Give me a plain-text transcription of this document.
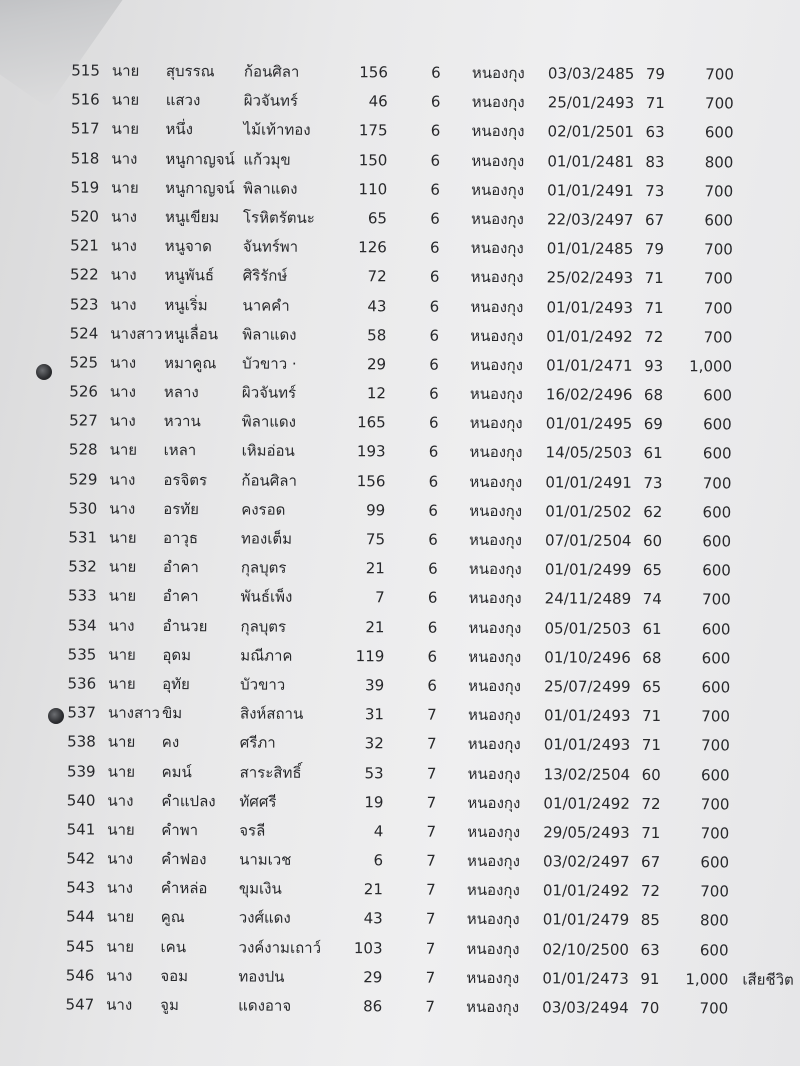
515 นาย สุบรรณ ก้อนศิลา	156	6 หนองกุง 03/03/2485 79	700
516 นาย แสวง	ผิวจันทร์	46	6 หนองกุง 25/01/2493 71	700
517 นาย หนึ่ง	ไม้เท้าทอง	175	6 หนองกุง 02/01/2501 63	600
518 นาง หนูกาญจน์ แก้วมุข	150	6 หนองกุง 01/01/2481 83	800
519 นาย หนูกาญจน์ พิลาแดง	110	6 หนองกุง 01/01/2491 73	700
520 นาง หนูเขียม โรหิตรัตนะ	65	6 หนองกุง 22/03/2497 67	600
521 นาง หนูจาด จันทร์พา	126	6 หนองกุง 01/01/2485 79	700
522 นาง หนูพันธ์ ศิริรักษ์	72	6 หนองกุง 25/02/2493 71	700
523 นาง หนูเริ่ม นาคคำ	43	6 หนองกุง 01/01/2493 71	700
524 นางสาว หนูเลื่อน พิลาแดง	58	6 หนองกุง 01/01/2492 72	700
525 นาง หมาคูณ บัวขาว ·	29	6 หนองกุง 01/01/2471 93 1,000
526 นาง หลาง	ผิวจันทร์	12	6 หนองกุง 16/02/2496 68	600
527 นาง หวาน	พิลาแดง	165	6 หนองกุง 01/01/2495 69	600
528 นาย เหลา	เหิมอ่อน	193	6 หนองกุง 14/05/2503 61	600
529 นาง อรจิตร ก้อนศิลา	156	6 หนองกุง 01/01/2491 73	700
530 นาง อรทัย	คงรอด	99	6 หนองกุง 01/01/2502 62	600
531 นาย อาวุธ	ทองเต็ม	75	6 หนองกุง 07/01/2504 60	600
532 นาย อำคา	กุลบุตร	21	6 หนองกุง 01/01/2499 65	600
533 นาย อำคา	พันธ์เพ็ง	7	6 หนองกุง 24/11/2489 74	700
534 นาง อำนวย กุลบุตร	21	6 หนองกุง 05/01/2503 61	600
535 นาย อุดม	มณีภาค	119	6 หนองกุง 01/10/2496 68	600
536 นาย อุทัย	บัวขาว	39	6 หนองกุง 25/07/2499 65	600
537 นางสาว ขิม	สิงห์สถาน	31	7 หนองกุง 01/01/2493 71	700
538 นาย คง	ศรีภา	32	7 หนองกุง 01/01/2493 71	700
539 นาย คมน์	สาระสิทธิ์	53	7 หนองกุง 13/02/2504 60	600
540 นาง คำแปลง ทัศศรี	19	7 หนองกุง 01/01/2492 72	700
541 นาย คำพา	จรลี	4	7 หนองกุง 29/05/2493 71	700
542 นาง คำฟอง นามเวช	6	7 หนองกุง 03/02/2497 67	600
543 นาง คำหล่อ ขุมเงิน	21	7 หนองกุง 01/01/2492 72	700
544 นาย คูณ	วงศ์แดง	43	7 หนองกุง 01/01/2479 85	800
545 นาย เคน	วงค์งามเถาว์	103	7 หนองกุง 02/10/2500 63	600
546 นาง จอม	ทองปน	29	7 หนองกุง 01/01/2473 91 1,000 เสียชีวิต
547 นาง จูม	แดงอาจ	86	7 หนองกุง 03/03/2494 70	700
